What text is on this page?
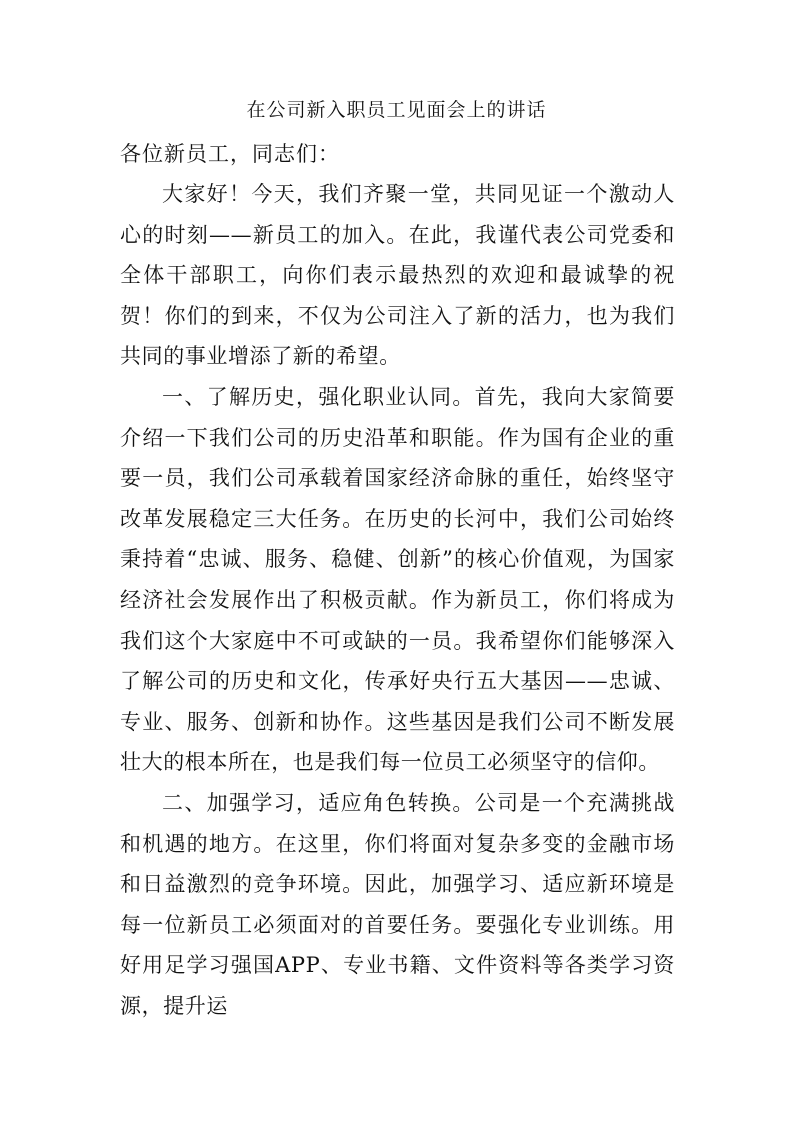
在公司新入职员工见面会上的讲话
各位新员工，同志们：

大家好！今天，我们齐聚一堂，共同见证一个激动人心的时刻——新员工的加入。在此，我谨代表公司党委和全体干部职工，向你们表示最热烈的欢迎和最诚挚的祝贺！你们的到来，不仅为公司注入了新的活力，也为我们共同的事业增添了新的希望。

一、了解历史，强化职业认同。首先，我向大家简要介绍一下我们公司的历史沿革和职能。作为国有企业的重要一员，我们公司承载着国家经济命脉的重任，始终坚守改革发展稳定三大任务。在历史的长河中，我们公司始终秉持着“忠诚、服务、稳健、创新”的核心价值观，为国家经济社会发展作出了积极贡献。作为新员工，你们将成为我们这个大家庭中不可或缺的一员。我希望你们能够深入了解公司的历史和文化，传承好央行五大基因——忠诚、专业、服务、创新和协作。这些基因是我们公司不断发展壮大的根本所在，也是我们每一位员工必须坚守的信仰。

二、加强学习，适应角色转换。公司是一个充满挑战和机遇的地方。在这里，你们将面对复杂多变的金融市场和日益激烈的竞争环境。因此，加强学习、适应新环境是每一位新员工必须面对的首要任务。要强化专业训练。用好用足学习强国APP、专业书籍、文件资料等各类学习资源，提升运
